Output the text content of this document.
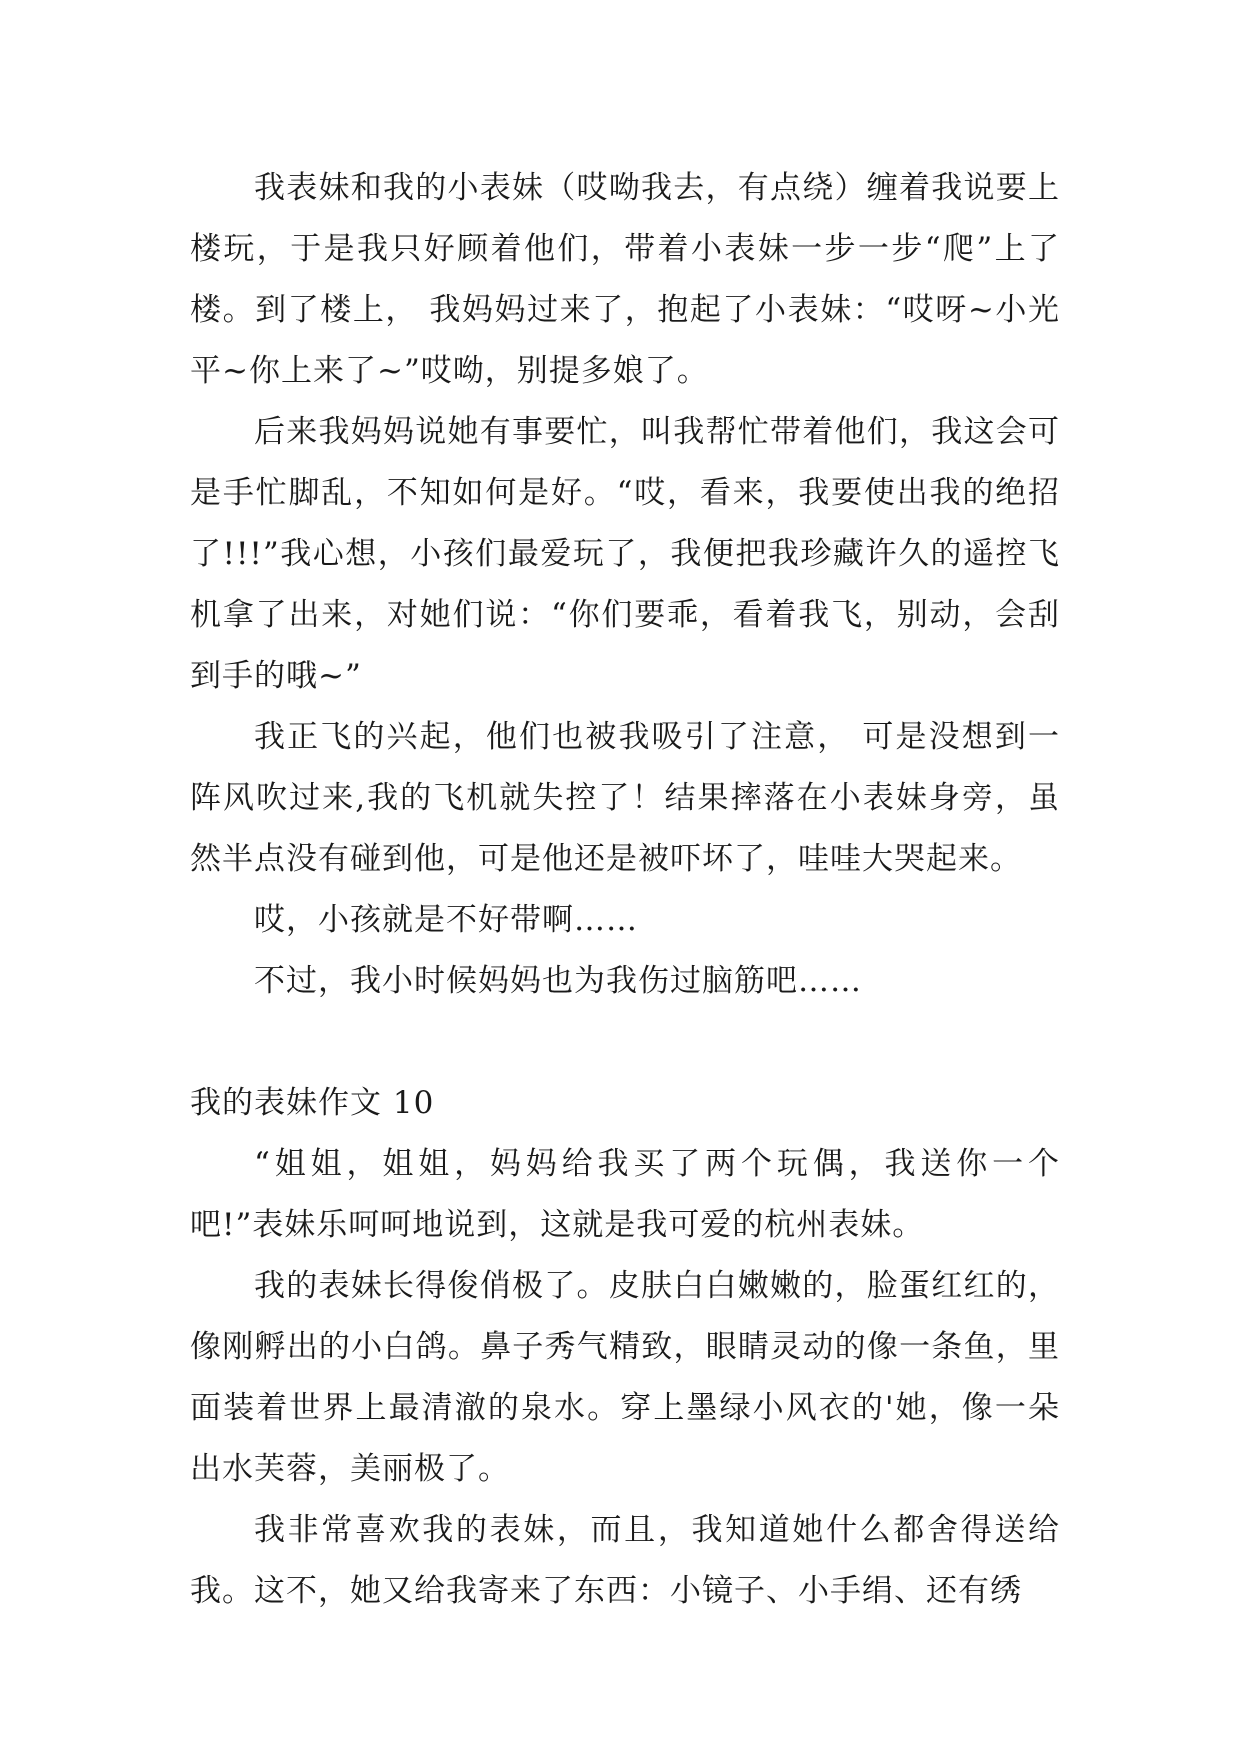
我表妹和我的小表妹（哎呦我去，有点绕）缠着我说要上楼玩，于是我只好顾着他们，带着小表妹一步一步“爬”上了楼。到了楼上， 我妈妈过来了，抱起了小表妹：“哎呀~小光平~你上来了~”哎呦，别提多娘了。

后来我妈妈说她有事要忙，叫我帮忙带着他们，我这会可是手忙脚乱，不知如何是好。“哎，看来，我要使出我的绝招了!!!”我心想，小孩们最爱玩了，我便把我珍藏许久的遥控飞机拿了出来，对她们说：“你们要乖，看着我飞，别动，会刮到手的哦~”

我正飞的兴起，他们也被我吸引了注意， 可是没想到一阵风吹过来,我的飞机就失控了！结果摔落在小表妹身旁，虽然半点没有碰到他，可是他还是被吓坏了，哇哇大哭起来。

哎，小孩就是不好带啊……

不过，我小时候妈妈也为我伤过脑筋吧……

我的表妹作文 10

“姐姐，姐姐，妈妈给我买了两个玩偶，我送你一个吧!”表妹乐呵呵地说到，这就是我可爱的杭州表妹。

我的表妹长得俊俏极了。皮肤白白嫩嫩的，脸蛋红红的，像刚孵出的小白鸽。鼻子秀气精致，眼睛灵动的像一条鱼，里面装着世界上最清澈的泉水。穿上墨绿小风衣的'她，像一朵出水芙蓉，美丽极了。

我非常喜欢我的表妹，而且，我知道她什么都舍得送给我。这不，她又给我寄来了东西：小镜子、小手绢、还有绣
